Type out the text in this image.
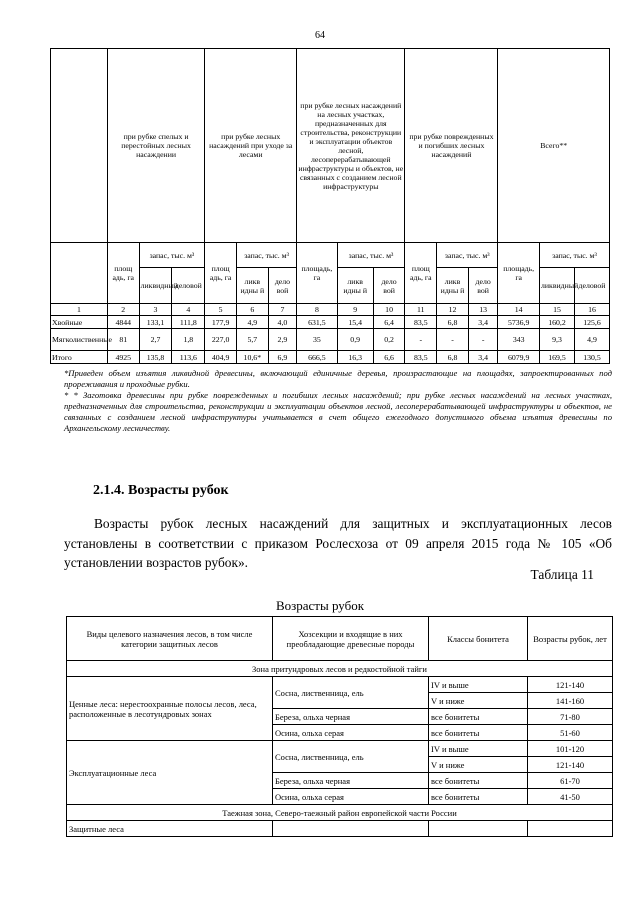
64
	при рубке спелых и перестойных лесных насаждении			при рубке лесных насаждений при уходе за лесами			при рубке лесных насаждений на лесных участках, предназначенных для строительства, реконструкции и эксплуатации объектов лесной, лесоперерабатывающей инфраструктуры и объектов, не связанных с созданием лесной инфраструктуры			при рубке поврежденных и погибших лесных насаждений			Всего**		
	площ адь, га	запас, тыс. м³		площ адь, га	запас, тыс. м³		площадь, га	запас, тыс. м³		площ адь, га	запас, тыс. м³		площадь, га	запас, тыс. м³	
		ликвидный	деловой		ликв идны й	дело вой		ликв идны й	дело вой		ликв идны й	дело вой		ликвидный	деловой
1	2	3	4	5	6	7	8	9	10	11	12	13	14	15	16
Хвойные	4844	133,1	111,8	177,9	4,9	4,0	631,5	15,4	6,4	83,5	6,8	3,4	5736,9	160,2	125,6
Мягколиственные	81	2,7	1,8	227,0	5,7	2,9	35	0,9	0,2	-	-	-	343	9,3	4,9
Итого	4925	135,8	113,6	404,9	10,6*	6,9	666,5	16,3	6,6	83,5	6,8	3,4	6079,9	169,5	130,5

*Приведен объем изъятия ликвидной древесины, включающий единичные деревья, произрастающие на площадях, запроектированных под прореживания и проходные рубки.

* * Заготовка древесины при рубке поврежденных и погибших лесных насаждений; при рубке лесных насаждений на лесных участках, предназначенных для строительства, реконструкции и эксплуатации объектов лесной, лесоперерабатывающей инфраструктуры и объектов, не связанных с созданием лесной инфраструктуры учитывается в счет общего ежегодного допустимого объема изъятия древесины по Архангельскому лесничеству.

2.1.4. Возрасты рубок
Возрасты рубок лесных насаждений для защитных и эксплуатационных лесов установлены в соответствии с приказом Рослесхоза от 09 апреля 2015 года № 105 «Об установлении возрастов рубок».
Таблица 11
Возрасты рубок
Виды целевого назначения лесов, в том числе категории защитных лесов	Хозсекции и входящие в них преобладающие древесные породы	Классы бонитета	Возрасты рубок, лет
Зона притундровых лесов и редкостойной тайги			
Ценные леса: нерестоохранные полосы лесов, леса, расположенные в лесотундровых зонах	Сосна, лиственница, ель	IV и выше	121-140
		V и ниже	141-160
	Береза, ольха черная	все бонитеты	71-80
	Осина, ольха серая	все бонитеты	51-60
Эксплуатационные леса	Сосна, лиственница, ель	IV и выше	101-120
		V и ниже	121-140
	Береза, ольха черная	все бонитеты	61-70
	Осина, ольха серая	все бонитеты	41-50
Таежная зона, Северо-таежный район европейской части России			
Защитные леса			
